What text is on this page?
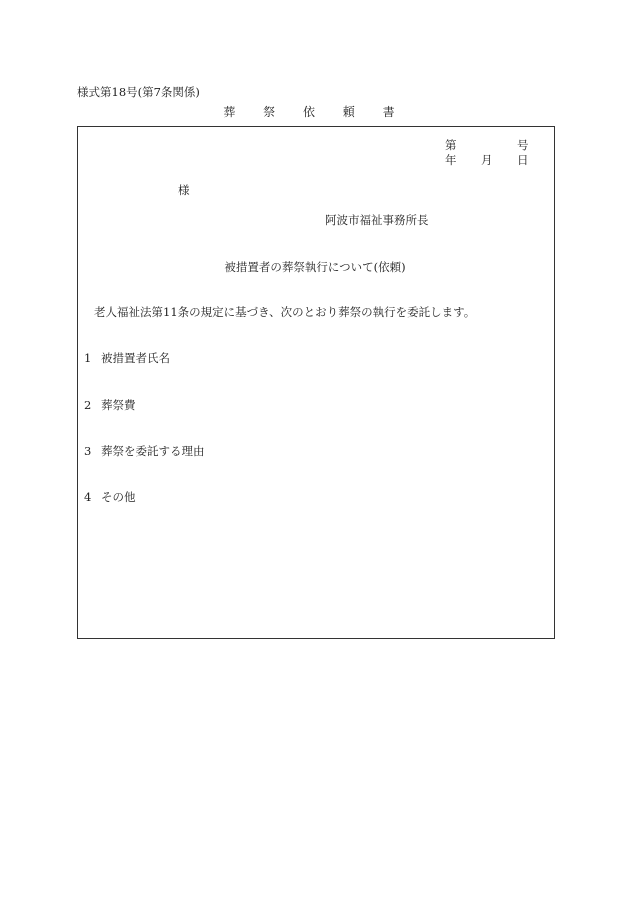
様式第18号(第7条関係)
葬 祭 依 頼 書
第	号
年 月 日
様
阿波市福祉事務所長
被措置者の葬祭執行について(依頼)
老人福祉法第11条の規定に基づき、次のとおり葬祭の執行を委託します。
1 被措置者氏名
2 葬祭費
3 葬祭を委託する理由
4 その他
